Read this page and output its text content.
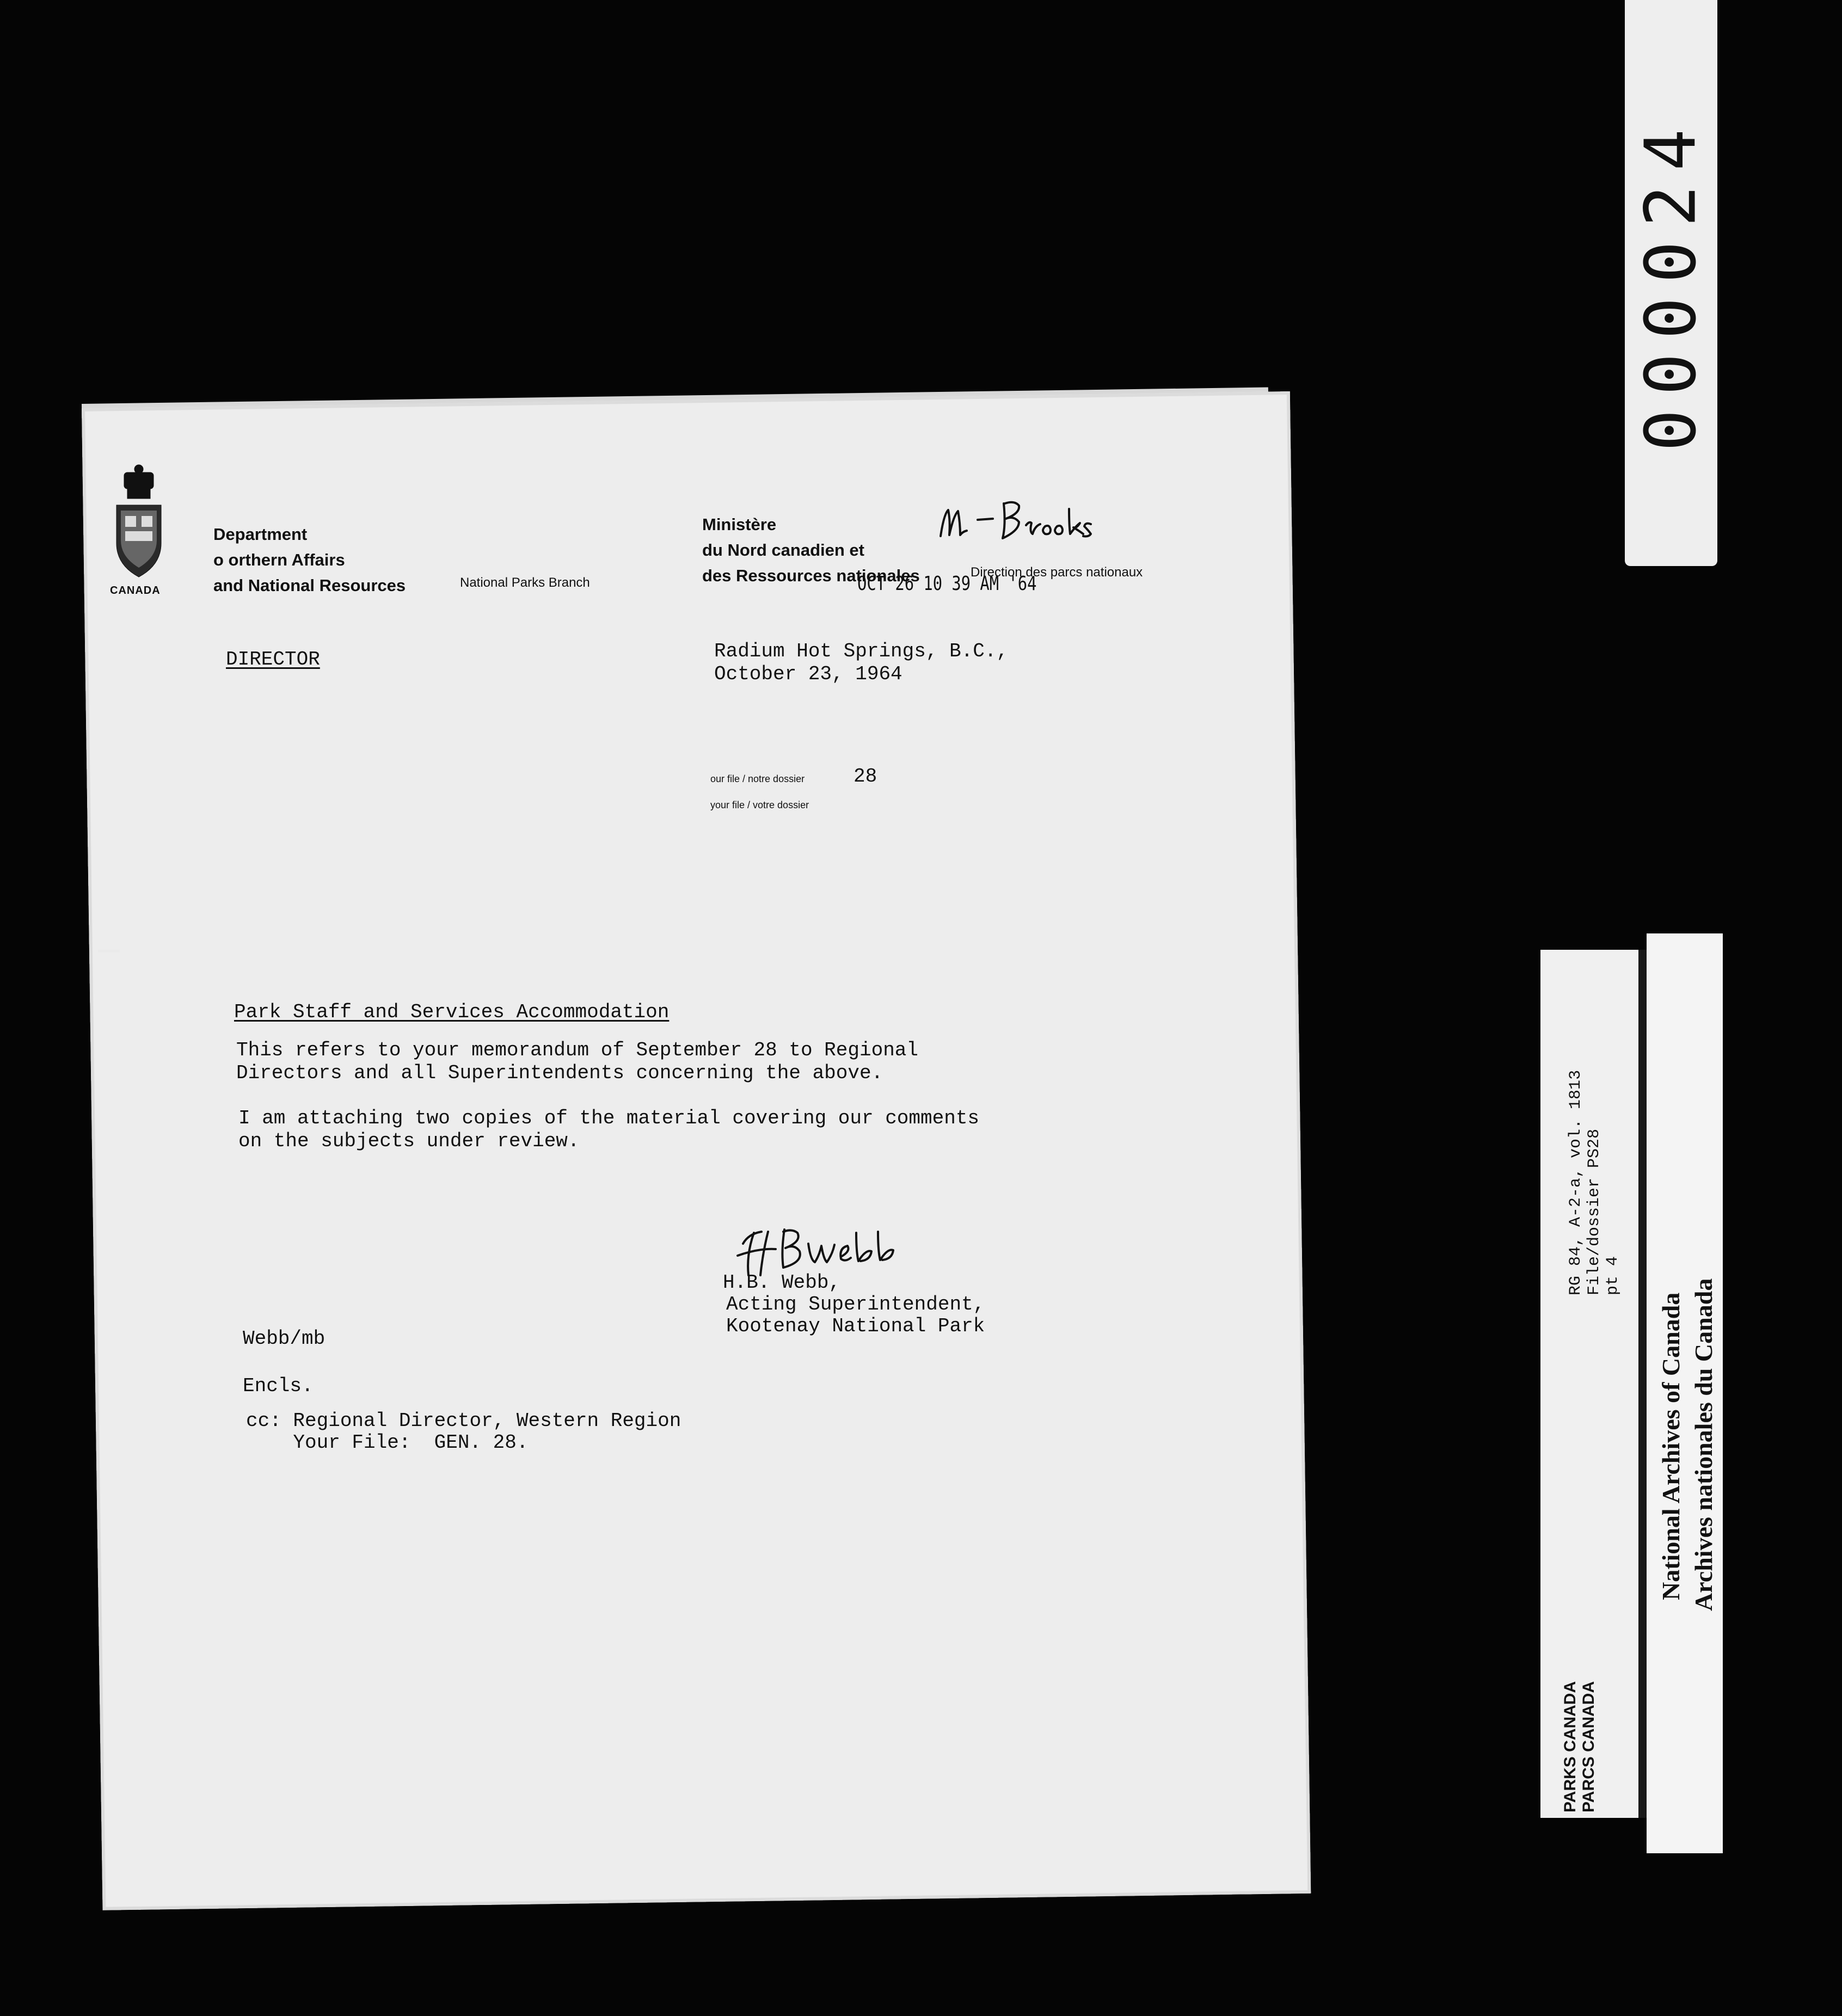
CANADA
Department
o orthern Affairs
and National Resources	National Parks Branch
Ministère
du Nord canadien et
des Ressources nationales	Direction des parcs nationaux
OCT 26 10 39 AM '64
DIRECTOR	Radium Hot Springs, B.C.,
October 23, 1964
our file / notre dossier 28
your file / votre dossier
Park Staff and Services Accommodation
This refers to your memorandum of September 28 to Regional
Directors and all Superintendents concerning the above.
I am attaching two copies of the material covering our comments
on the subjects under review.
H.B. Webb,
Acting Superintendent,
Kootenay National Park
Webb/mb
Encls.
cc: Regional Director, Western Region
Your File:  GEN. 28.
000024
RG 84, A-2-a, vol. 1813 File/dossier PS28 pt 4
PARKS CANADA PARCS CANADA
National Archives of Canada Archives nationales du Canada
